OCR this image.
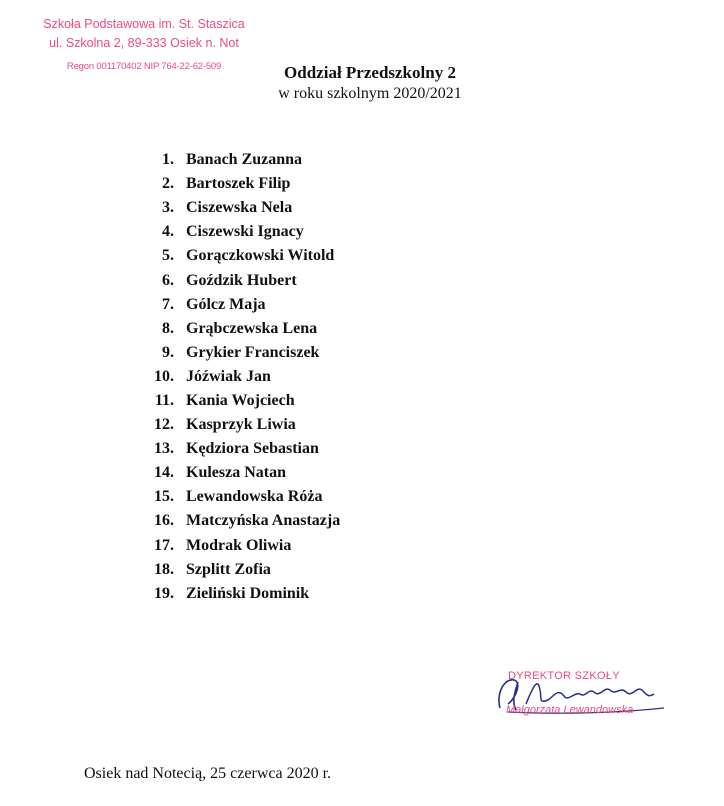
Szkoła Podstawowa im. St. Staszica
ul. Szkolna 2, 89-333 Osiek n. Not
Regon 001170402 NIP 764-22-62-509	Oddział Przedszkolny 2
w roku szkolnym 2020/2021
1. Banach Zuzanna
2. Bartoszek Filip
3. Ciszewska Nela
4. Ciszewski Ignacy
5. Gorączkowski Witold
6. Goździk Hubert
7. Gólcz Maja
8. Grąbczewska Lena
9. Grykier Franciszek
10. Jóźwiak Jan
11. Kania Wojciech
12. Kasprzyk Liwia
13. Kędziora Sebastian
14. Kulesza Natan
15. Lewandowska Róża
16. Matczyńska Anastazja
17. Modrak Oliwia
18. Szplitt Zofia
19. Zieliński Dominik
DYREKTOR SZKOŁY
Małgorzata Lewandowska
Osiek nad Notecią, 25 czerwca 2020 r.
